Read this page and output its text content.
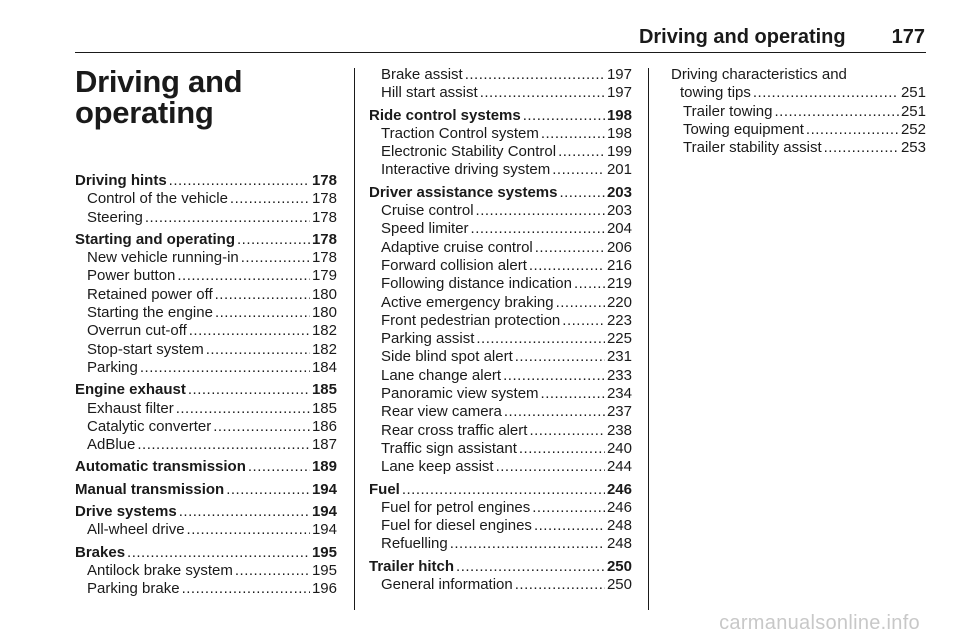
Driving and operating 177
Driving and
operating
Driving hints .....	178
Control of the vehicle .....	178
Steering .....	178
Starting and operating .....	178
New vehicle running-in .....	178
Power button .....	179
Retained power off .....	180
Starting the engine .....	180
Overrun cut-off .....	182
Stop-start system .....	182
Parking .....	184
Engine exhaust .....	185
Exhaust filter .....	185
Catalytic converter .....	186
AdBlue .....	187
Automatic transmission .....	189
Manual transmission .....	194
Drive systems .....	194
All-wheel drive .....	194
Brakes .....	195
Antilock brake system .....	195
Parking brake .....	196
Brake assist .....	197
Hill start assist .....	197
Ride control systems .....	198
Traction Control system .....	198
Electronic Stability Control .....	199
Interactive driving system .....	201
Driver assistance systems .....	203
Cruise control .....	203
Speed limiter .....	204
Adaptive cruise control .....	206
Forward collision alert .....	216
Following distance indication ..... 219
Active emergency braking .....	220
Front pedestrian protection .....	223
Parking assist .....	225
Side blind spot alert .....	231
Lane change alert .....	233
Panoramic view system .....	234
Rear view camera .....	237
Rear cross traffic alert .....	238
Traffic sign assistant .....	240
Lane keep assist .....	244
Fuel .....	246
Fuel for petrol engines .....	246
Fuel for diesel engines .....	248
Refuelling .....	248
Trailer hitch .....	250
General information .....	250
Driving characteristics and
towing tips .....	251
Trailer towing .....	251
Towing equipment .....	252
Trailer stability assist .....	253
carmanualsonline.info
